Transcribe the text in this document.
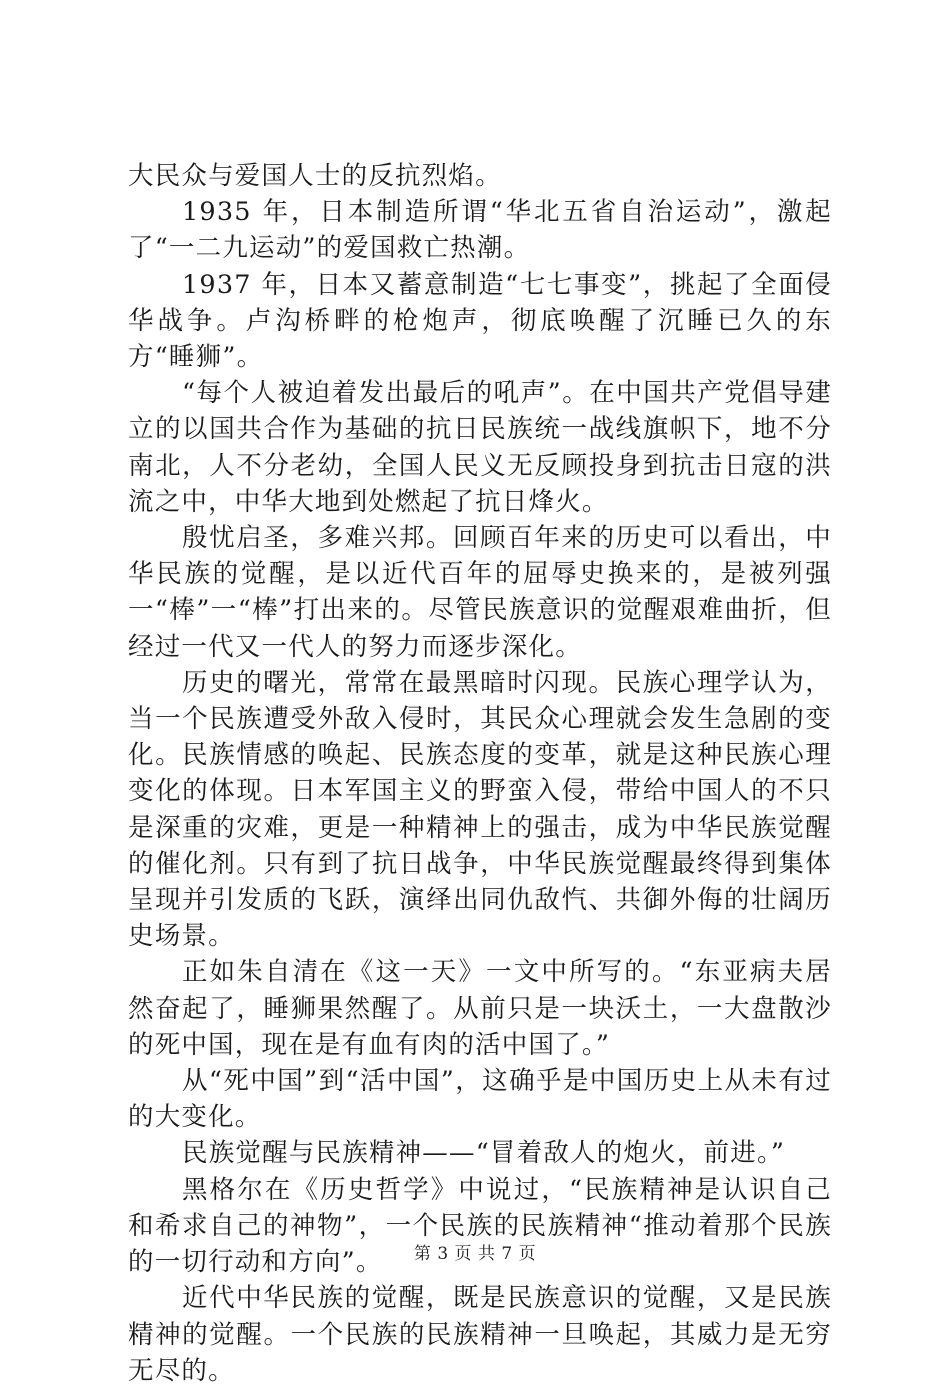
大民众与爱国人士的反抗烈焰。

1935 年，日本制造所谓“华北五省自治运动”，激起了“一二九运动”的爱国救亡热潮。

1937 年，日本又蓄意制造“七七事变”，挑起了全面侵华战争。卢沟桥畔的枪炮声，彻底唤醒了沉睡已久的东方“睡狮”。

“每个人被迫着发出最后的吼声”。在中国共产党倡导建立的以国共合作为基础的抗日民族统一战线旗帜下，地不分南北，人不分老幼，全国人民义无反顾投身到抗击日寇的洪流之中，中华大地到处燃起了抗日烽火。

殷忧启圣，多难兴邦。回顾百年来的历史可以看出，中华民族的觉醒，是以近代百年的屈辱史换来的，是被列强一“棒”一“棒”打出来的。尽管民族意识的觉醒艰难曲折，但经过一代又一代人的努力而逐步深化。

历史的曙光，常常在最黑暗时闪现。民族心理学认为，当一个民族遭受外敌入侵时，其民众心理就会发生急剧的变化。民族情感的唤起、民族态度的变革，就是这种民族心理变化的体现。日本军国主义的野蛮入侵，带给中国人的不只是深重的灾难，更是一种精神上的强击，成为中华民族觉醒的催化剂。只有到了抗日战争，中华民族觉醒最终得到集体呈现并引发质的飞跃，演绎出同仇敌忾、共御外侮的壮阔历史场景。

正如朱自清在《这一天》一文中所写的。“东亚病夫居然奋起了，睡狮果然醒了。从前只是一块沃土，一大盘散沙的死中国，现在是有血有肉的活中国了。”

从“死中国”到“活中国”，这确乎是中国历史上从未有过的大变化。

民族觉醒与民族精神——“冒着敌人的炮火，前进。”

黑格尔在《历史哲学》中说过，“民族精神是认识自己和希求自己的神物”，一个民族的民族精神“推动着那个民族的一切行动和方向”。

近代中华民族的觉醒，既是民族意识的觉醒，又是民族精神的觉醒。一个民族的民族精神一旦唤起，其威力是无穷无尽的。

第 3 页 共 7 页
